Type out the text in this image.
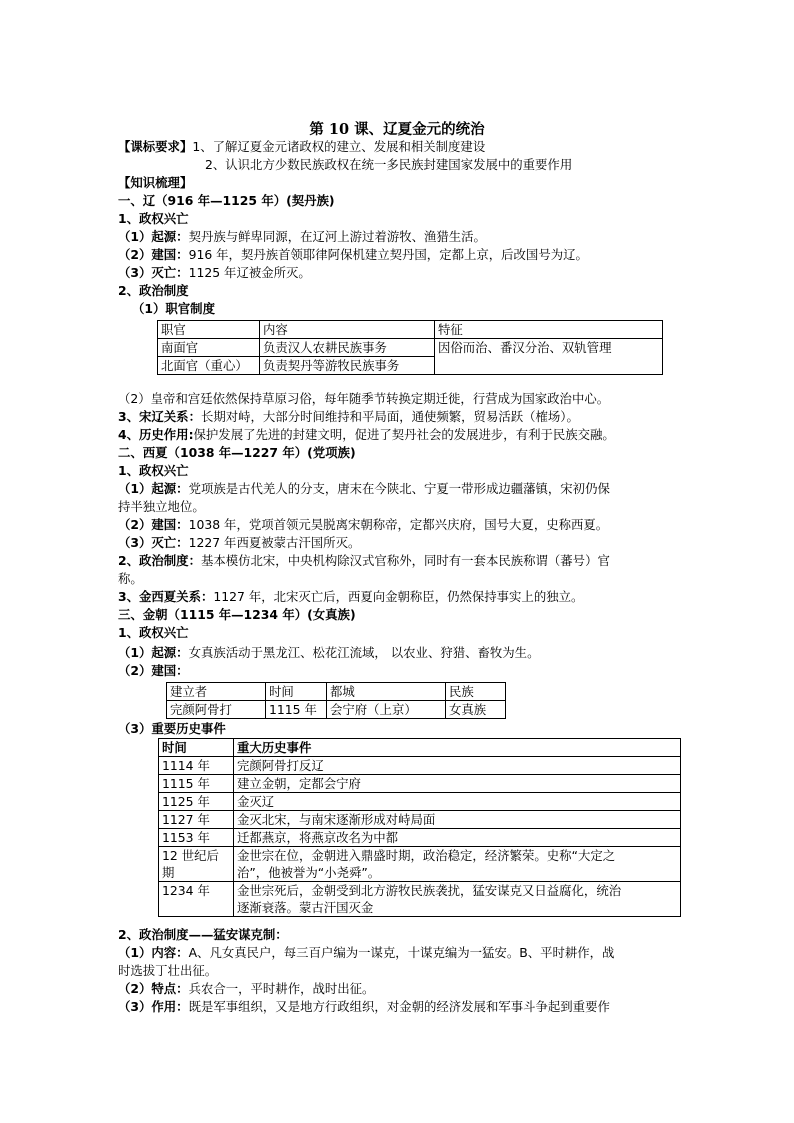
第 10 课、辽夏金元的统治
【课标要求】1、了解辽夏金元诸政权的建立、发展和相关制度建设
2、认识北方少数民族政权在统一多民族封建国家发展中的重要作用
【知识梳理】
一、辽（916 年—1125 年）(契丹族)
1、政权兴亡
（1）起源：契丹族与鲜卑同源，在辽河上游过着游牧、渔猎生活。
（2）建国：916 年，契丹族首领耶律阿保机建立契丹国，定都上京，后改国号为辽。
（3）灭亡：1125 年辽被金所灭。
2、政治制度
（1）职官制度
职官	内容	特征
南面官	负责汉人农耕民族事务	因俗而治、番汉分治、双轨管理
北面官（重心）	负责契丹等游牧民族事务	
（2）皇帝和宫廷依然保持草原习俗，每年随季节转换定期迁徙，行营成为国家政治中心。
3、宋辽关系：长期对峙，大部分时间维持和平局面，通使频繁，贸易活跃（榷场）。
4、历史作用:保护发展了先进的封建文明，促进了契丹社会的发展进步，有利于民族交融。
二、西夏（1038 年—1227 年）(党项族)
1、政权兴亡
（1）起源：党项族是古代羌人的分支，唐末在今陕北、宁夏一带形成边疆藩镇，宋初仍保
持半独立地位。
（2）建国：1038 年，党项首领元昊脱离宋朝称帝，定都兴庆府，国号大夏，史称西夏。
（3）灭亡：1227 年西夏被蒙古汗国所灭。
2、政治制度：基本模仿北宋，中央机构除汉式官称外，同时有一套本民族称谓（蕃号）官
称。
3、金西夏关系：1127 年，北宋灭亡后，西夏向金朝称臣，仍然保持事实上的独立。
三、金朝（1115 年—1234 年）(女真族)
1、政权兴亡
（1）起源：女真族活动于黑龙江、松花江流域， 以农业、狩猎、畜牧为生。
（2）建国：
建立者	时间	都城	民族
完颜阿骨打	1115 年	会宁府（上京）	女真族
（3）重要历史事件
时间	重大历史事件
1114 年	完颜阿骨打反辽
1115 年	建立金朝，定都会宁府
1125 年	金灭辽
1127 年	金灭北宋，与南宋逐渐形成对峙局面
1153 年	迁都燕京，将燕京改名为中都
12 世纪后
期	金世宗在位，金朝进入鼎盛时期，政治稳定，经济繁荣。史称“大定之
治”，他被誉为“小尧舜”。
1234 年	金世宗死后，金朝受到北方游牧民族袭扰，猛安谋克又日益腐化，统治
逐渐衰落。蒙古汗国灭金
2、政治制度——猛安谋克制：
（1）内容：A、凡女真民户，每三百户编为一谋克，十谋克编为一猛安。B、平时耕作，战
时选拔丁壮出征。
（2）特点：兵农合一，平时耕作，战时出征。
（3）作用：既是军事组织，又是地方行政组织，对金朝的经济发展和军事斗争起到重要作
